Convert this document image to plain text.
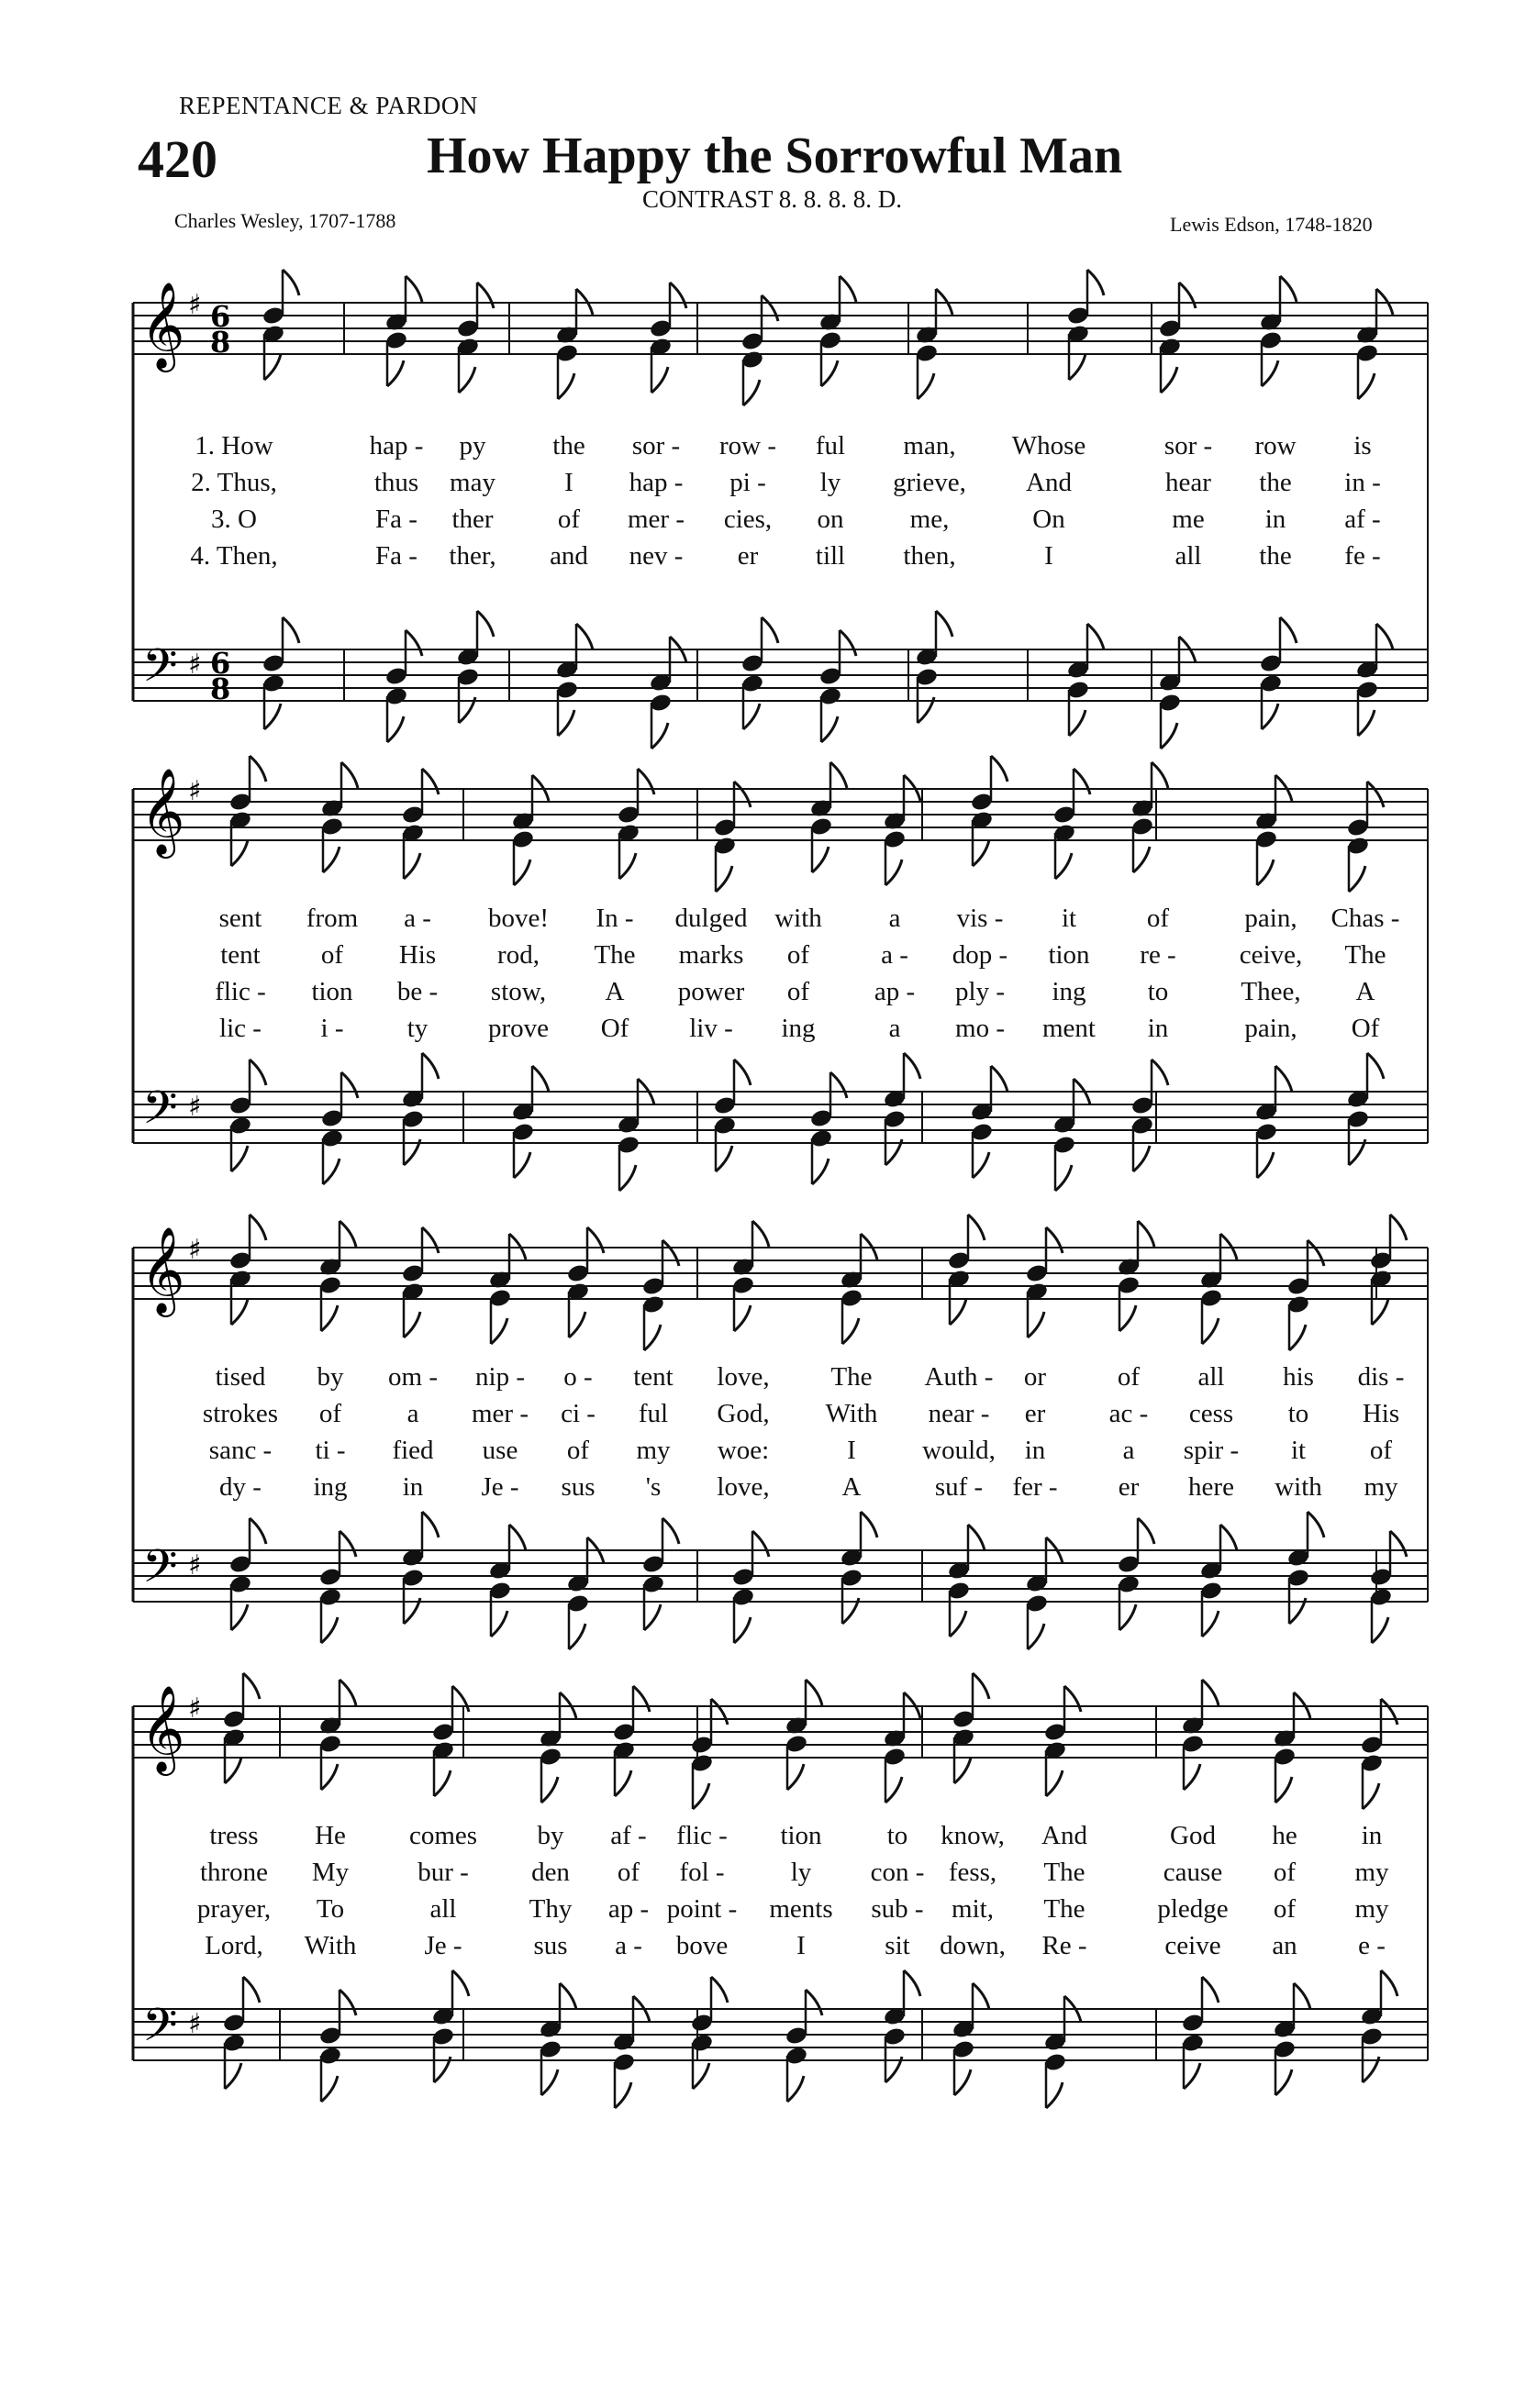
𝄞
𝄢
♯
♯
6
6
8
8
𝄞
𝄢
♯
♯
𝄞
𝄢
♯
♯
𝄞
𝄢
♯
♯
REPENTANCE & PARDON
420	How Happy the Sorrowful Man
CONTRAST 8. 8. 8. 8. D.
Charles Wesley, 1707-1788	Lewis Edson, 1748-1820
1. How	hap - py	the sor - row - ful man, Whose	sor - row is
2. Thus,	thus may	I hap - pi - ly grieve, And	hear the in -
3. O	Fa - ther of mer - cies, on me,	On	me in af -
4. Then,	Fa - ther, and nev - er till then,	I	all the fe -
sent from a - bove! In - dulged with	a vis - it	of	pain, Chas -
tent of His rod, The marks of	a - dop - tion re - ceive, The
flic - tion be - stow, A power of ap - ply - ing to	Thee, A
lic - i - ty prove Of liv - ing	a mo - ment in	pain, Of
tised by om - nip - o - tent love, The Auth - or	of all his dis -
strokes of a mer - ci - ful God, With near - er ac - cess to His
sanc - ti - fied use of my woe:	I would, in	a spir - it of
dy - ing in Je - sus 's love,	A	suf - fer - er here with my
tress He comes by af - flic - tion to know, And	God he in
throne My	bur - den of fol - ly con - fess, The	cause of my
prayer, To	all	Thy ap - point - ments sub - mit, The	pledge of my
Lord, With	Je -	sus a - bove	I	sit down, Re -	ceive an e -
